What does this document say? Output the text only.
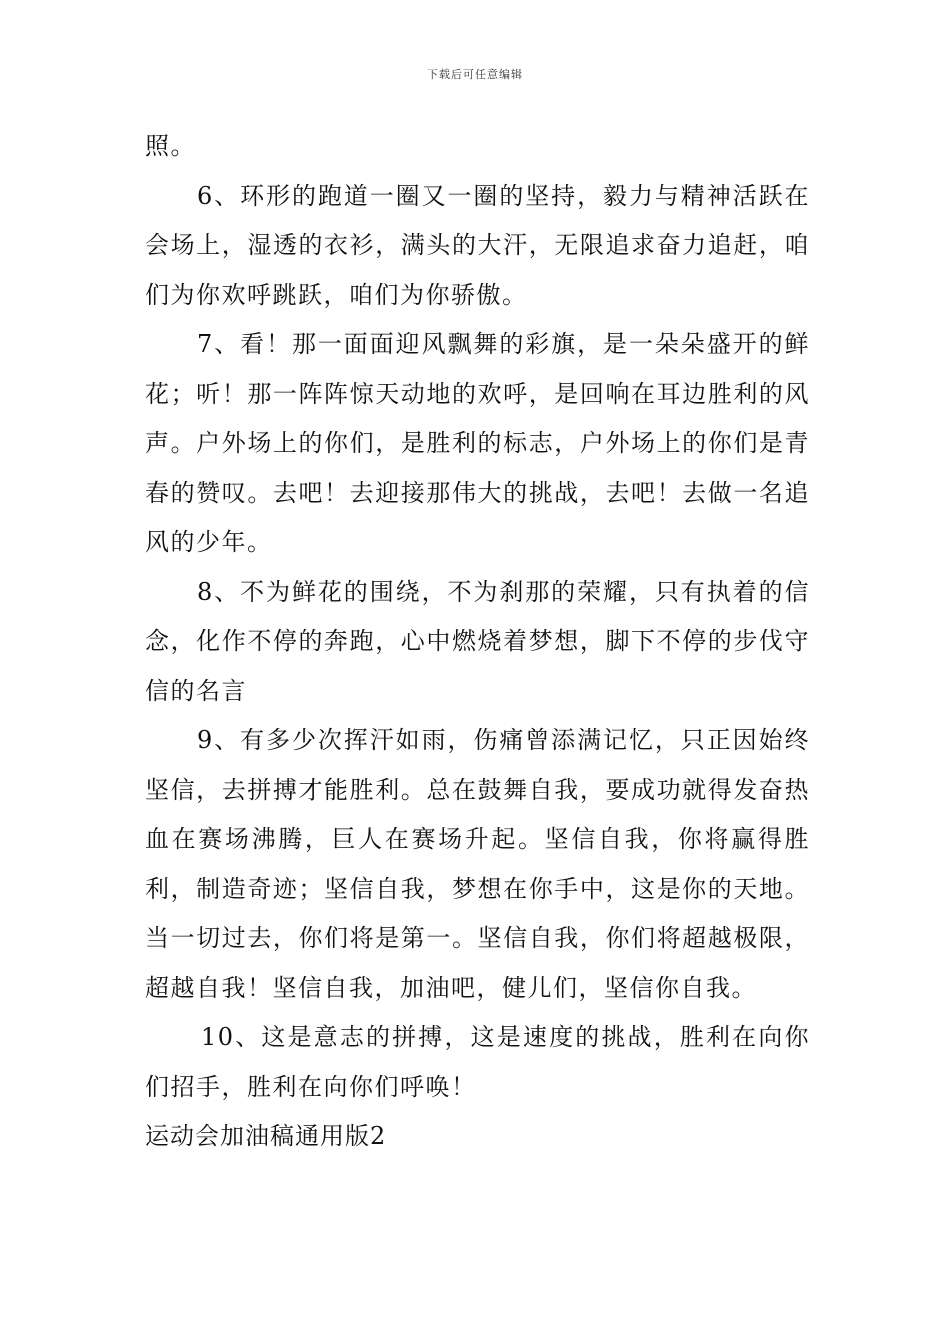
下载后可任意编辑

照。

6、环形的跑道一圈又一圈的坚持，毅力与精神活跃在会场上，湿透的衣衫，满头的大汗，无限追求奋力追赶，咱们为你欢呼跳跃，咱们为你骄傲。

7、看！那一面面迎风飘舞的彩旗，是一朵朵盛开的鲜花；听！那一阵阵惊天动地的欢呼，是回响在耳边胜利的风声。户外场上的你们，是胜利的标志，户外场上的你们是青春的赞叹。去吧！去迎接那伟大的挑战，去吧！去做一名追风的少年。

8、不为鲜花的围绕，不为刹那的荣耀，只有执着的信念，化作不停的奔跑，心中燃烧着梦想，脚下不停的步伐守信的名言

9、有多少次挥汗如雨，伤痛曾添满记忆，只正因始终坚信，去拼搏才能胜利。总在鼓舞自我，要成功就得发奋热血在赛场沸腾，巨人在赛场升起。坚信自我，你将赢得胜利，制造奇迹；坚信自我，梦想在你手中，这是你的天地。当一切过去，你们将是第一。坚信自我，你们将超越极限，超越自我！坚信自我，加油吧，健儿们，坚信你自我。

10、这是意志的拼搏，这是速度的挑战，胜利在向你们招手，胜利在向你们呼唤！

运动会加油稿通用版2
